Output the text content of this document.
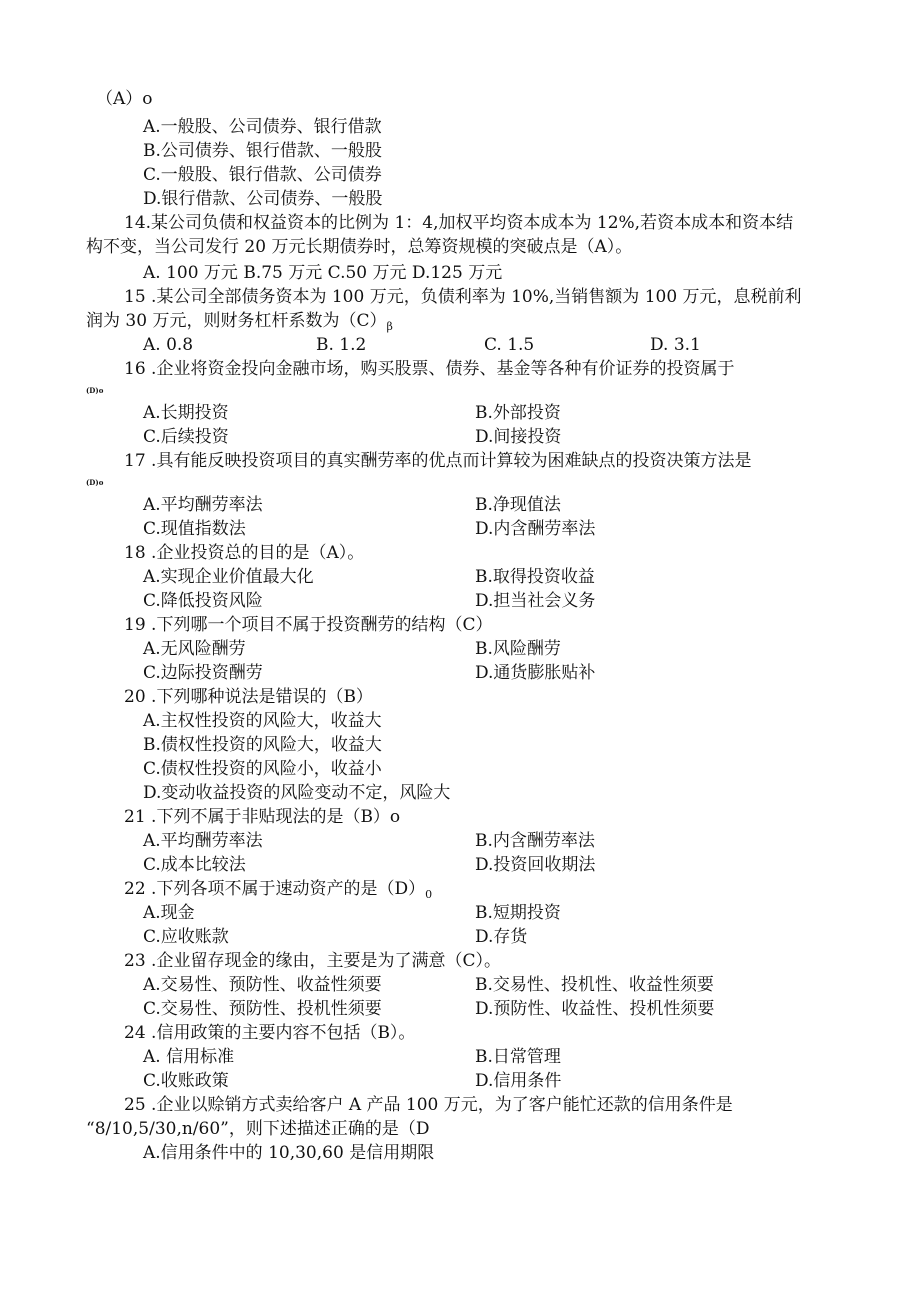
（A）o
A.一般股、公司债券、银行借款
B.公司债券、银行借款、一般股
C.一般股、银行借款、公司债券
D.银行借款、公司债券、一般股
14.某公司负债和权益资本的比例为 1：4,加权平均资本成本为 12%,若资本成本和资本结
构不变，当公司发行 20 万元长期债券时，总筹资规模的突破点是（A）。
A. 100 万元 B.75 万元 C.50 万元 D.125 万元
15 .某公司全部债务资本为 100 万元，负债利率为 10%,当销售额为 100 万元，息税前利
润为 30 万元，则财务杠杆系数为$(C)_\beta$
A. 0.8	B. 1.2	C. 1.5	D. 3.1
16 .企业将资金投向金融市场，购买股票、债券、基金等各种有价证券的投资属于
(D)o
A.长期投资	B.外部投资
C.后续投资	D.间接投资
17 .具有能反映投资项目的真实酬劳率的优点而计算较为困难缺点的投资决策方法是
(D)o
A.平均酬劳率法	B.净现值法
C.现值指数法	D.内含酬劳率法
18 .企业投资总的目的是（A）。
A.实现企业价值最大化	B.取得投资收益
C.降低投资风险	D.担当社会义务
19 .下列哪一个项目不属于投资酬劳的结构（C）
A.无风险酬劳	B.风险酬劳
C.边际投资酬劳	D.通货膨胀贴补
20 .下列哪种说法是错误的（B）
A.主权性投资的风险大，收益大
B.债权性投资的风险大，收益大
C.债权性投资的风险小，收益小
D.变动收益投资的风险变动不定，风险大
21 .下列不属于非贴现法的是（B）o
A.平均酬劳率法	B.内含酬劳率法
C.成本比较法	D.投资回收期法
22 .下列各项不属于速动资产的是$(D)_0$
A.现金	B.短期投资
C.应收账款	D.存货
23 .企业留存现金的缘由，主要是为了满意（C）。
A.交易性、预防性、收益性须要	B.交易性、投机性、收益性须要
C.交易性、预防性、投机性须要	D.预防性、收益性、投机性须要
24 .信用政策的主要内容不包括（B）。
A. 信用标准	B.日常管理
C.收账政策	D.信用条件
25 .企业以赊销方式卖给客户 A 产品 100 万元，为了客户能忙还款的信用条件是
“8/10,5/30,n/60”，则下述描述正确的是（D
A.信用条件中的 10,30,60 是信用期限
